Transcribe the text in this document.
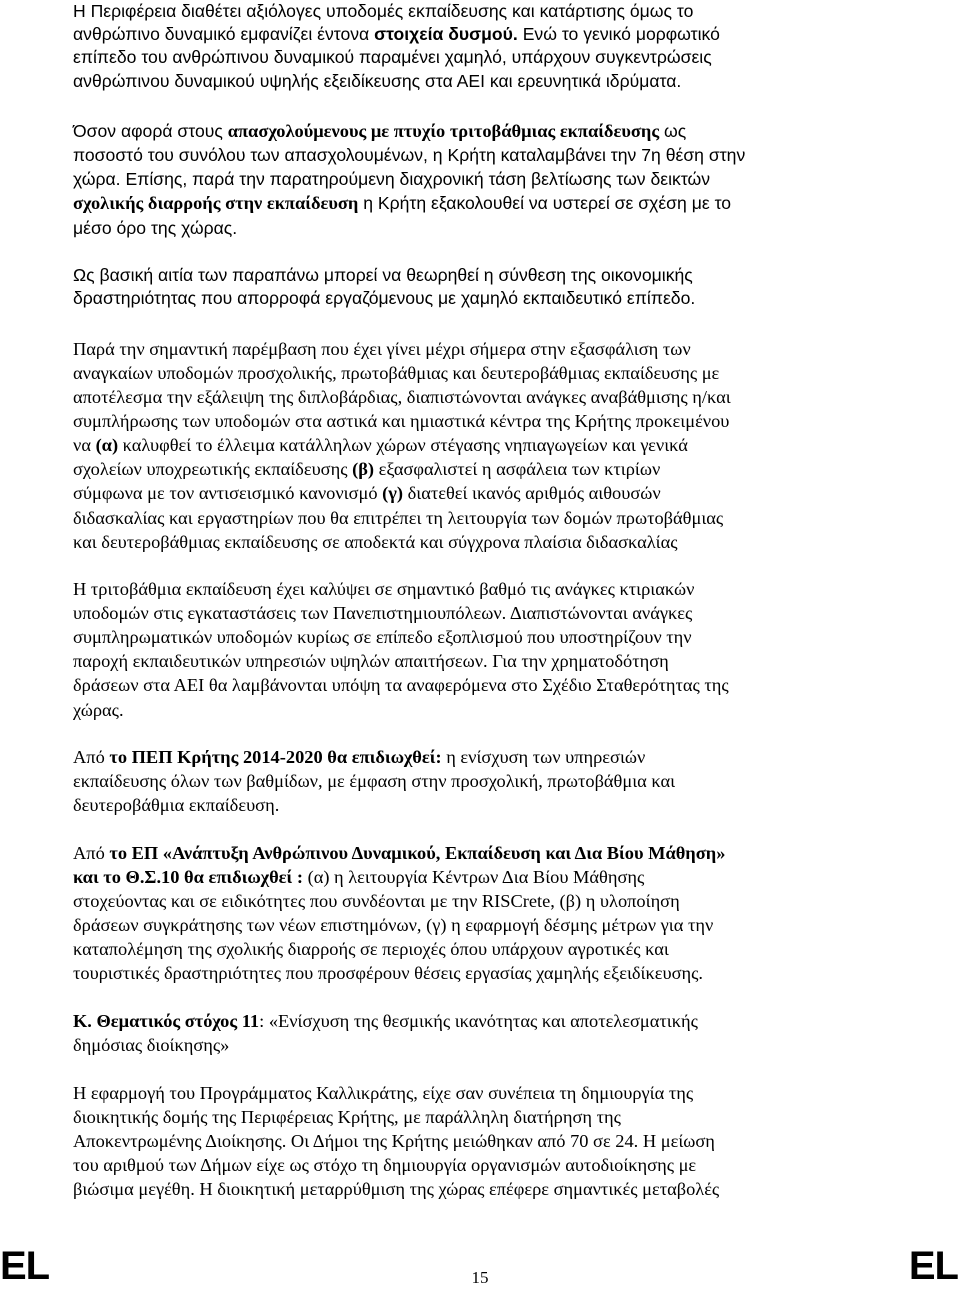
Η Περιφέρεια διαθέτει αξιόλογες υποδομές εκπαίδευσης και κατάρτισης όμως το
ανθρώπινο δυναμικό εμφανίζει έντονα στοιχεία δυσμού. Ενώ το γενικό μορφωτικό
επίπεδο του ανθρώπινου δυναμικού παραμένει χαμηλό, υπάρχουν συγκεντρώσεις
ανθρώπινου δυναμικού υψηλής εξειδίκευσης στα ΑΕΙ και ερευνητικά ιδρύματα.
Όσον αφορά στους απασχολούμενους με πτυχίο τριτοβάθμιας εκπαίδευσης ως
ποσοστό του συνόλου των απασχολουμένων, η Κρήτη καταλαμβάνει την 7η θέση στην
χώρα. Επίσης, παρά την παρατηρούμενη διαχρονική τάση βελτίωσης των δεικτών
σχολικής διαρροής στην εκπαίδευση η Κρήτη εξακολουθεί να υστερεί σε σχέση με το
μέσο όρο της χώρας.
Ως βασική αιτία των παραπάνω μπορεί να θεωρηθεί η σύνθεση της οικονομικής
δραστηριότητας που απορροφά εργαζόμενους με χαμηλό εκπαιδευτικό επίπεδο.
Παρά την σημαντική παρέμβαση που έχει γίνει μέχρι σήμερα στην εξασφάλιση των
αναγκαίων υποδομών προσχολικής, πρωτοβάθμιας και δευτεροβάθμιας εκπαίδευσης με
αποτέλεσμα την εξάλειψη της διπλοβάρδιας, διαπιστώνονται ανάγκες αναβάθμισης η/και
συμπλήρωσης των υποδομών στα αστικά και ημιαστικά κέντρα της Κρήτης προκειμένου
να (α) καλυφθεί το έλλειμα κατάλληλων χώρων στέγασης νηπιαγωγείων και γενικά
σχολείων υποχρεωτικής εκπαίδευσης (β) εξασφαλιστεί η ασφάλεια των κτιρίων
σύμφωνα με τον αντισεισμικό κανονισμό (γ) διατεθεί ικανός αριθμός αιθουσών
διδασκαλίας και εργαστηρίων που θα επιτρέπει τη λειτουργία των δομών πρωτοβάθμιας
και δευτεροβάθμιας εκπαίδευσης σε αποδεκτά και σύγχρονα πλαίσια διδασκαλίας
Η τριτοβάθμια εκπαίδευση έχει καλύψει σε σημαντικό βαθμό τις ανάγκες κτιριακών
υποδομών στις εγκαταστάσεις των Πανεπιστημιουπόλεων. Διαπιστώνονται ανάγκες
συμπληρωματικών υποδομών κυρίως σε επίπεδο εξοπλισμού που υποστηρίζουν την
παροχή εκπαιδευτικών υπηρεσιών υψηλών απαιτήσεων. Για την χρηματοδότηση
δράσεων στα ΑΕΙ θα λαμβάνονται υπόψη τα αναφερόμενα στο Σχέδιο Σταθερότητας της
χώρας.
Από το ΠΕΠ Κρήτης 2014-2020 θα επιδιωχθεί: η ενίσχυση των υπηρεσιών
εκπαίδευσης όλων των βαθμίδων, με έμφαση στην προσχολική, πρωτοβάθμια και
δευτεροβάθμια εκπαίδευση.
Από το ΕΠ «Ανάπτυξη Ανθρώπινου Δυναμικού, Εκπαίδευση και Δια Βίου Μάθηση»
και το Θ.Σ.10 θα επιδιωχθεί : (α) η λειτουργία Κέντρων Δια Βίου Μάθησης
στοχεύοντας και σε ειδικότητες που συνδέονται με την RISCrete, (β) η υλοποίηση
δράσεων συγκράτησης των νέων επιστημόνων, (γ) η εφαρμογή δέσμης μέτρων για την
καταπολέμηση της σχολικής διαρροής σε περιοχές όπου υπάρχουν αγροτικές και
τουριστικές δραστηριότητες που προσφέρουν θέσεις εργασίας χαμηλής εξειδίκευσης.
Κ. Θεματικός στόχος 11: «Ενίσχυση της θεσμικής ικανότητας και αποτελεσματικής
δημόσιας διοίκησης»
Η εφαρμογή του Προγράμματος Καλλικράτης, είχε σαν συνέπεια τη δημιουργία της
διοικητικής δομής της Περιφέρειας Κρήτης, με παράλληλη διατήρηση της
Αποκεντρωμένης Διοίκησης. Οι Δήμοι της Κρήτης μειώθηκαν από 70 σε 24. Η μείωση
του αριθμού των Δήμων είχε ως στόχο τη δημιουργία οργανισμών αυτοδιοίκησης με
βιώσιμα μεγέθη. Η διοικητική μεταρρύθμιση της χώρας επέφερε σημαντικές μεταβολές
EL	15	EL
